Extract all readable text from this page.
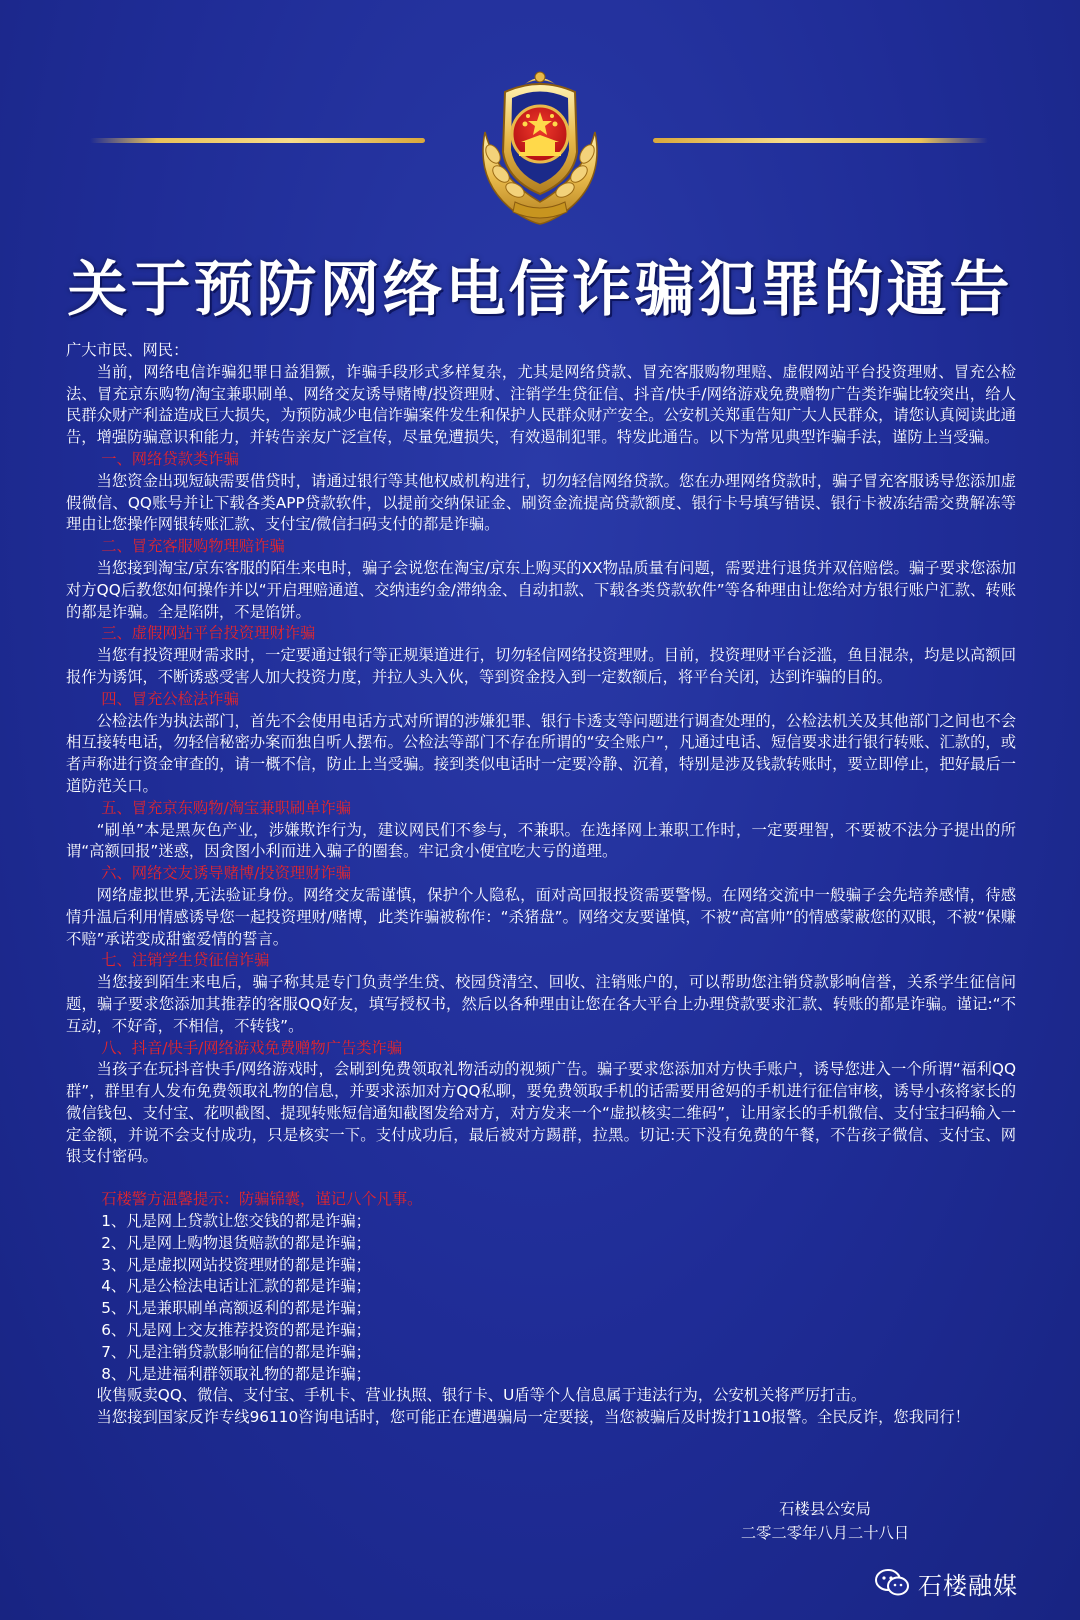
关于预防网络电信诈骗犯罪的通告

广大市民、网民：

当前，网络电信诈骗犯罪日益猖獗，诈骗手段形式多样复杂，尤其是网络贷款、冒充客服购物理赔、虚假网站平台投资理财、冒充公检法、冒充京东购物/淘宝兼职刷单、网络交友诱导赌博/投资理财、注销学生贷征信、抖音/快手/网络游戏免费赠物广告类诈骗比较突出，给人民群众财产利益造成巨大损失，为预防减少电信诈骗案件发生和保护人民群众财产安全。公安机关郑重告知广大人民群众，请您认真阅读此通告，增强防骗意识和能力，并转告亲友广泛宣传，尽量免遭损失，有效遏制犯罪。特发此通告。以下为常见典型诈骗手法，谨防上当受骗。

一、网络贷款类诈骗

当您资金出现短缺需要借贷时，请通过银行等其他权威机构进行，切勿轻信网络贷款。您在办理网络贷款时，骗子冒充客服诱导您添加虚假微信、QQ账号并让下载各类APP贷款软件，以提前交纳保证金、刷资金流提高贷款额度、银行卡号填写错误、银行卡被冻结需交费解冻等理由让您操作网银转账汇款、支付宝/微信扫码支付的都是诈骗。

二、冒充客服购物理赔诈骗

当您接到淘宝/京东客服的陌生来电时，骗子会说您在淘宝/京东上购买的XX物品质量有问题，需要进行退货并双倍赔偿。骗子要求您添加对方QQ后教您如何操作并以“开启理赔通道、交纳违约金/滞纳金、自动扣款、下载各类贷款软件”等各种理由让您给对方银行账户汇款、转账的都是诈骗。全是陷阱，不是馅饼。

三、虚假网站平台投资理财诈骗

当您有投资理财需求时，一定要通过银行等正规渠道进行，切勿轻信网络投资理财。目前，投资理财平台泛滥，鱼目混杂，均是以高额回报作为诱饵，不断诱惑受害人加大投资力度，并拉人头入伙，等到资金投入到一定数额后，将平台关闭，达到诈骗的目的。

四、冒充公检法诈骗

公检法作为执法部门，首先不会使用电话方式对所谓的涉嫌犯罪、银行卡透支等问题进行调查处理的，公检法机关及其他部门之间也不会相互接转电话，勿轻信秘密办案而独自听人摆布。公检法等部门不存在所谓的“安全账户”，凡通过电话、短信要求进行银行转账、汇款的，或者声称进行资金审查的，请一概不信，防止上当受骗。接到类似电话时一定要冷静、沉着，特别是涉及钱款转账时，要立即停止，把好最后一道防范关口。

五、冒充京东购物/淘宝兼职刷单诈骗

“刷单”本是黑灰色产业，涉嫌欺诈行为，建议网民们不参与，不兼职。在选择网上兼职工作时，一定要理智，不要被不法分子提出的所谓“高额回报”迷惑，因贪图小利而进入骗子的圈套。牢记贪小便宜吃大亏的道理。

六、网络交友诱导赌博/投资理财诈骗

网络虚拟世界,无法验证身份。网络交友需谨慎，保护个人隐私，面对高回报投资需要警惕。在网络交流中一般骗子会先培养感情，待感情升温后利用情感诱导您一起投资理财/赌博，此类诈骗被称作：“杀猪盘”。网络交友要谨慎，不被“高富帅”的情感蒙蔽您的双眼，不被“保赚不赔”承诺变成甜蜜爱情的誓言。

七、注销学生贷征信诈骗

当您接到陌生来电后，骗子称其是专门负责学生贷、校园贷清空、回收、注销账户的，可以帮助您注销贷款影响信誉，关系学生征信问题，骗子要求您添加其推荐的客服QQ好友，填写授权书，然后以各种理由让您在各大平台上办理贷款要求汇款、转账的都是诈骗。谨记:“不互动，不好奇，不相信，不转钱”。

八、抖音/快手/网络游戏免费赠物广告类诈骗

当孩子在玩抖音快手/网络游戏时，会刷到免费领取礼物活动的视频广告。骗子要求您添加对方快手账户，诱导您进入一个所谓“福利QQ群”，群里有人发布免费领取礼物的信息，并要求添加对方QQ私聊，要免费领取手机的话需要用爸妈的手机进行征信审核，诱导小孩将家长的微信钱包、支付宝、花呗截图、提现转账短信通知截图发给对方，对方发来一个“虚拟核实二维码”，让用家长的手机微信、支付宝扫码输入一定金额，并说不会支付成功，只是核实一下。支付成功后，最后被对方踢群，拉黑。切记:天下没有免费的午餐，不告孩子微信、支付宝、网银支付密码。

石楼警方温馨提示：防骗锦囊，谨记八个凡事。

1、凡是网上贷款让您交钱的都是诈骗；

2、凡是网上购物退货赔款的都是诈骗；

3、凡是虚拟网站投资理财的都是诈骗；

4、凡是公检法电话让汇款的都是诈骗；

5、凡是兼职刷单高额返利的都是诈骗；

6、凡是网上交友推荐投资的都是诈骗；

7、凡是注销贷款影响征信的都是诈骗；

8、凡是进福利群领取礼物的都是诈骗；

收售贩卖QQ、微信、支付宝、手机卡、营业执照、银行卡、U盾等个人信息属于违法行为，公安机关将严厉打击。

当您接到国家反诈专线96110咨询电话时，您可能正在遭遇骗局一定要接，当您被骗后及时拨打110报警。全民反诈，您我同行！

石楼县公安局
二零二零年八月二十八日
石楼融媒
